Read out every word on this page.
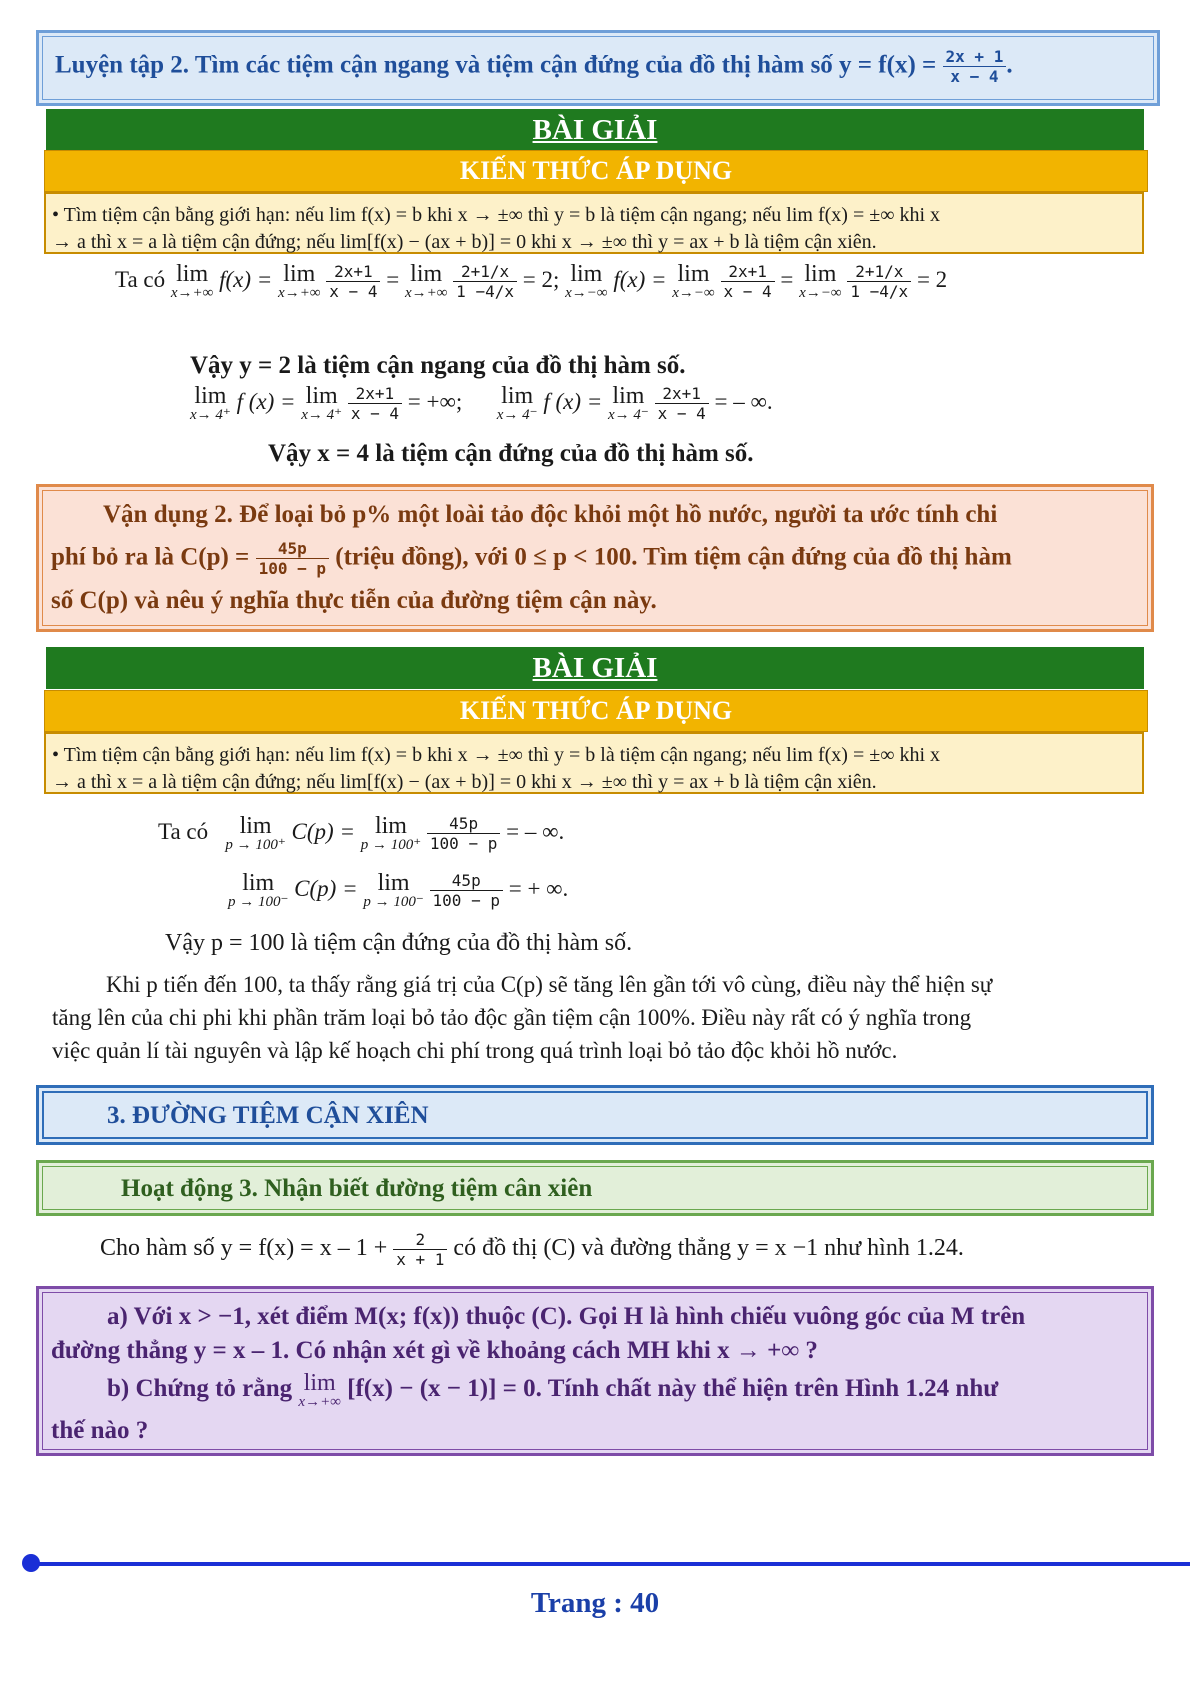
Luyện tập 2. Tìm các tiệm cận ngang và tiệm cận đứng của đồ thị hàm số $y = f(x) = \frac{2x + 1}{x - 4}$ .
BÀI GIẢI
KIẾN THỨC ÁP DỤNG
• Tìm tiệm cận bằng giới hạn: nếu lim f(x) = b khi x → ±∞ thì y = b là tiệm cận ngang; nếu lim f(x) = ±∞ khi x
→ a thì x = a là tiệm cận đứng; nếu lim[f(x) − (ax + b)] = 0 khi x → ±∞ thì y = ax + b là tiệm cận xiên.
Ta có lim
x→+∞
f(x) = lim
x→+∞
$\frac{2x+1}{x - 4} = \lim$
x→+∞
$\frac{2+1/x}{1 -4/x} = 2$; lim
x→−∞
f(x) = lim
x→−∞
$\frac{2x+1}{x - 4} = \lim$
x→−∞
$\frac{2+1/x}{1 -4/x} = 2$
Vậy y = 2 là tiệm cận ngang của đồ thị hàm số.
lim
x→ 4⁺
f (x) = lim
x→ 4⁺
$\frac{2x+1}{x - 4}$ = +∞; lim
x→ 4⁻
f (x) = lim
x→ 4⁻
$\frac{2x+1}{x - 4}$ = – ∞.
Vậy x = 4 là tiệm cận đứng của đồ thị hàm số.
Vận dụng 2. Để loại bỏ p% một loài tảo độc khỏi một hồ nước, người ta ước tính chi
phí bỏ ra là $C(p) = \frac{45p}{100 - p}$ (triệu đồng), với 0 ≤ p < 100. Tìm tiệm cận đứng của đồ thị hàm
số C(p) và nêu ý nghĩa thực tiễn của đường tiệm cận này.
BÀI GIẢI
KIẾN THỨC ÁP DỤNG
• Tìm tiệm cận bằng giới hạn: nếu lim f(x) = b khi x → ±∞ thì y = b là tiệm cận ngang; nếu lim f(x) = ±∞ khi x
→ a thì x = a là tiệm cận đứng; nếu lim[f(x) − (ax + b)] = 0 khi x → ±∞ thì y = ax + b là tiệm cận xiên.
Ta có	lim
p → 100⁺
C(p) = lim
p → 100⁺
$\frac{45p}{100 - p}$ = – ∞.
lim
p → 100⁻
C(p) = lim
p → 100⁻
$\frac{45p}{100 - p}$ = + ∞.
Vậy p = 100 là tiệm cận đứng của đồ thị hàm số.
Khi p tiến đến 100, ta thấy rằng giá trị của C(p) sẽ tăng lên gần tới vô cùng, điều này thể hiện sự
tăng lên của chi phi khi phần trăm loại bỏ tảo độc gần tiệm cận 100%. Điều này rất có ý nghĩa trong
việc quản lí tài nguyên và lập kế hoạch chi phí trong quá trình loại bỏ tảo độc khỏi hồ nước.
3. ĐƯỜNG TIỆM CẬN XIÊN
Hoạt động 3. Nhận biết đường tiệm cân xiên
Cho hàm số $y = f(x) = x - 1 + \frac{2}{x + 1}$ có đồ thị (C) và đường thẳng y = x −1 như hình 1.24.
a) Với x > −1, xét điểm M(x; f(x)) thuộc (C). Gọi H là hình chiếu vuông góc của M trên
đường thẳng y = x – 1. Có nhận xét gì về khoảng cách MH khi x → +∞ ?
b) Chứng tỏ rằng lim
x→+∞ [f(x) − (x − 1)] = 0. Tính chất này thể hiện trên Hình 1.24 như
thế nào ?
Trang : 40
